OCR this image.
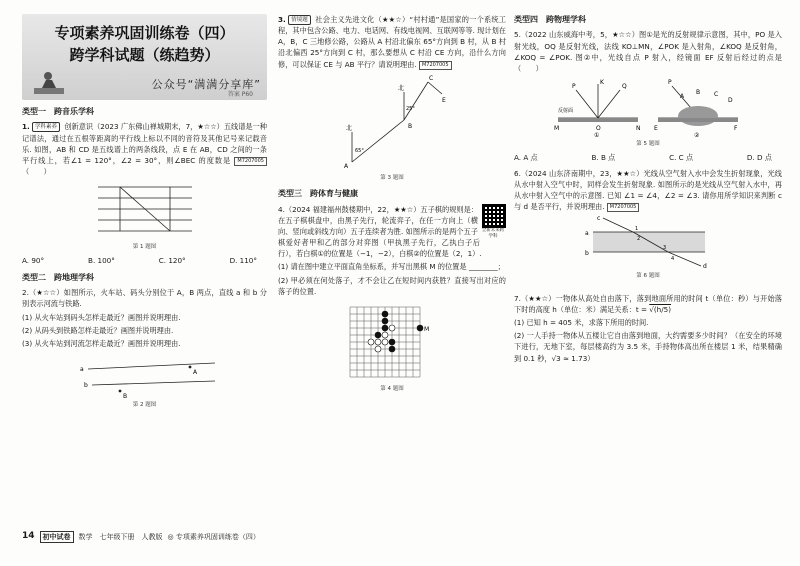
专项素养巩固训练卷（四）
跨学科试题（练趋势）
公众号“满满分享库”
答案 P60
类型一　跨音乐学科
1. 学科素养 创新意识（2023 广东佛山禅城期末，7，★☆☆）五线谱是一种记谱法，通过在五根等距离的平行线上标以不同的音符及其他记号来记载音乐. 如图，AB 和 CD 是五线谱上的两条线段，点 E 在 AB，CD 之间的一条平行线上，若∠1 = 120°，∠2 = 30°，则∠BEC 的度数是 M7207005 （　　）
第 1 题图
A. 90°	B. 100°	C. 120°	D. 110°
类型二　跨地理学科
2.（★☆☆）如图所示，火车站、码头分别位于 A，B 两点，直线 a 和 b 分别表示河流与铁路.
(1) 从火车站到码头怎样走最近？画图并说明理由.
(2) 从码头到铁路怎样走最近？画图并说明理由.
(3) 从火车站到河流怎样走最近？画图并说明理由.
a
b
A
B
第 2 题图
3. 情境题 社会主义先进文化（★★☆）“村村通”是国家的一个系统工程，其中包含公路、电力、电话网、有线电视网、互联网等等. 现计划在 A，B，C 三地修公路，公路从 A 村沿北偏东 65°方向到 B 村，从 B 村沿北偏西 25°方向到 C 村，那么要想从 C 村沿 CE 方向，沿什么方向修，可以保证 CE 与 AB 平行？请说明理由. M7207005
北
北
65°
25°
A
B
C
E
第 3 题图
类型三　跨体育与健康
全新未来跨学科
4.（2024 福建福州鼓楼期中，22，★★☆）五子棋的规则是：在五子棋棋盘中，由黑子先行，轮流弈子，在任一方向上（横向、竖向或斜线方向）五子连续者为胜. 如图所示的是两个五子棋爱好者甲和乙的部分对弈图（甲执黑子先行，乙执白子后行），若白棋①的位置是（−1，−2），白棋②的位置是（2，1）.
(1) 请在图中建立平面直角坐标系，并写出黑棋 M 的位置是 ________；
(2) 甲必须在何处落子，才不会让乙在短时间内获胜？直接写出对应的落子的位置.
M
第 4 题图
类型四　跨物理学科
5.（2022 山东威海中考，5，★☆☆）图①是光的反射规律示意图，其中，PO 是入射光线，OQ 是反射光线，法线 KO⊥MN，∠POK 是入射角，∠KOQ 是反射角，∠KOQ = ∠POK. 图②中，光线自点 P 射入，经镜面 EF 反射后经过的点是 （　　）
P
K
Q
M	N
O
反射面
P
E	F
A
B C
D
①	②
第 5 题图
A. A 点	B. B 点	C. C 点	D. D 点
6.（2024 山东济南期中，23，★★☆）光线从空气射入水中会发生折射现象，光线从水中射入空气中时，同样会发生折射现象. 如图所示的是光线从空气射入水中，再从水中射入空气中的示意图. 已知 ∠1 = ∠4，∠2 = ∠3. 请你用所学知识来判断 c 与 d 是否平行，并说明理由. M7207005
a
b
c
d
1
2
3
4
第 6 题图
7.（★★☆）一物体从高处自由落下，落到地面所用的时间 t（单位：秒）与开始落下时的高度 h（单位：米）满足关系：t = √(h/5)
(1) 已知 h = 405 米，求落下所用的时间.
(2) 一人手持一物体从五楼让它自由落到地面，大约需要多少时间？（在安全的环境下进行，无地下室，每层楼高约为 3.5 米，手持物体高出所在楼层 1 米，结果精确到 0.1 秒，√3 ≈ 1.73）
14	初中试卷	数学　七年级下册　人教版 ◎ 专项素养巩固训练卷（四）
